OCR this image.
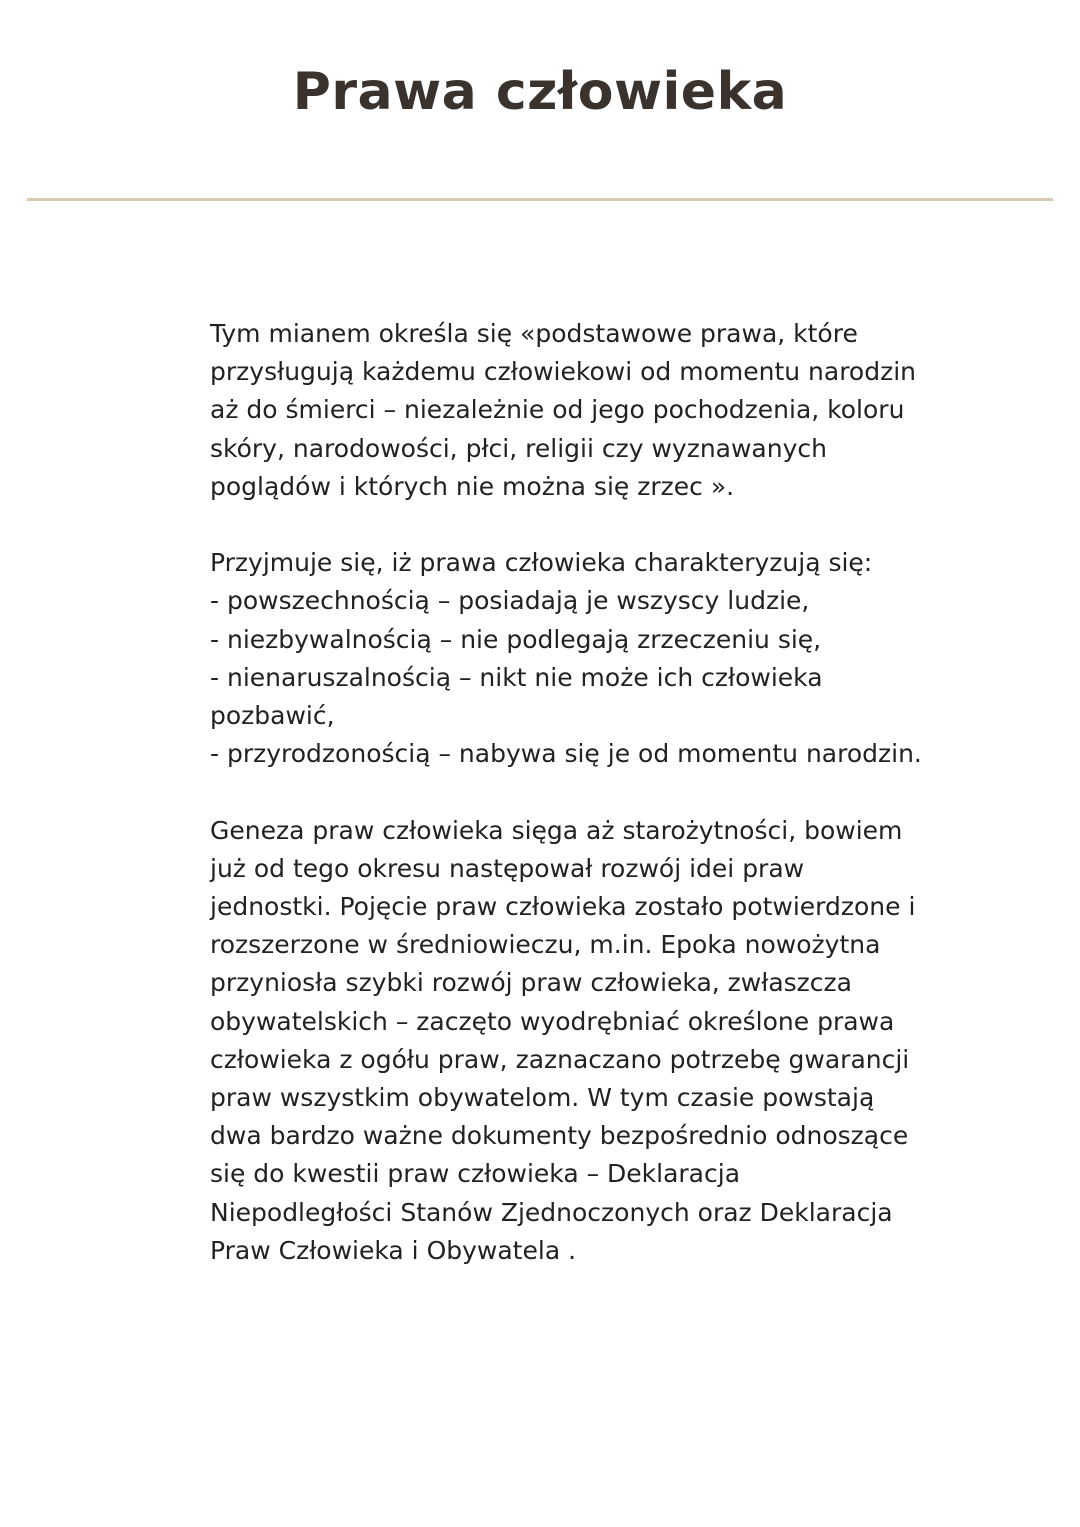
Prawa człowieka

Tym mianem określa się «podstawowe prawa, które przysługują każdemu człowiekowi od momentu narodzin aż do śmierci – niezależnie od jego pochodzenia, koloru skóry, narodowości, płci, religii czy wyznawanych poglądów i których nie można się zrzec ».

Przyjmuje się, iż prawa człowieka charakteryzują się:

- powszechnością – posiadają je wszyscy ludzie,
- niezbywalnością – nie podlegają zrzeczeniu się,
- nienaruszalnością – nikt nie może ich człowieka pozbawić,
- przyrodzonością – nabywa się je od momentu narodzin.

Geneza praw człowieka sięga aż starożytności, bowiem już od tego okresu następował rozwój idei praw jednostki. Pojęcie praw człowieka zostało potwierdzone i rozszerzone w średniowieczu, m.in. Epoka nowożytna przyniosła szybki rozwój praw człowieka, zwłaszcza obywatelskich – zaczęto wyodrębniać określone prawa człowieka z ogółu praw, zaznaczano potrzebę gwarancji praw wszystkim obywatelom. W tym czasie powstają dwa bardzo ważne dokumenty bezpośrednio odnoszące się do kwestii praw człowieka – Deklaracja Niepodległości Stanów Zjednoczonych oraz Deklaracja Praw Człowieka i Obywatela .
